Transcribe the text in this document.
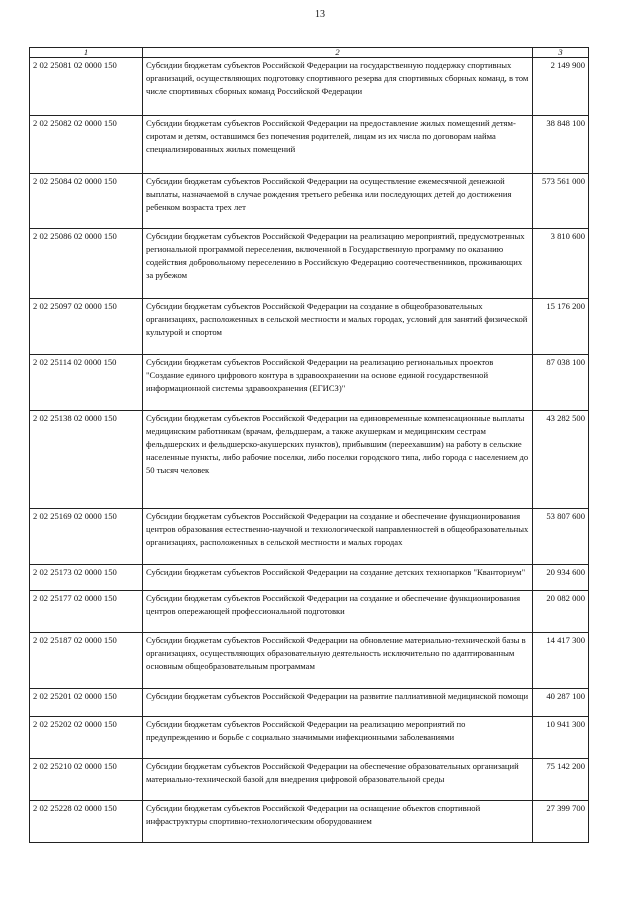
13
1	2	3
2 02 25081 02 0000 150	Субсидии бюджетам субъектов Российской Федерации на государственную поддержку спортивных организаций, осуществляющих подготовку спортивного резерва для спортивных сборных команд, в том числе спортивных сборных команд Российской Федерации	2 149 900
2 02 25082 02 0000 150	Субсидии бюджетам субъектов Российской Федерации на предоставление жилых помещений детям-сиротам и детям, оставшимся без попечения родителей, лицам из их числа по договорам найма специализированных жилых помещений	38 848 100
2 02 25084 02 0000 150	Субсидии бюджетам субъектов Российской Федерации на осуществление ежемесячной денежной выплаты, назначаемой в случае рождения третьего ребенка или последующих детей до достижения ребенком возраста трех лет	573 561 000
2 02 25086 02 0000 150	Субсидии бюджетам субъектов Российской Федерации на реализацию мероприятий, предусмотренных региональной программой переселения, включенной в Государственную программу по оказанию содействия добровольному переселению в Российскую Федерацию соотечественников, проживающих за рубежом	3 810 600
2 02 25097 02 0000 150	Субсидии бюджетам субъектов Российской Федерации на создание в общеобразовательных организациях, расположенных в сельской местности и малых городах, условий для занятий физической культурой и спортом	15 176 200
2 02 25114 02 0000 150	Субсидии бюджетам субъектов Российской Федерации на реализацию региональных проектов "Создание единого цифрового контура в здравоохранении на основе единой государственной информационной системы здравоохранения (ЕГИСЗ)"	87 038 100
2 02 25138 02 0000 150	Субсидии бюджетам субъектов Российской Федерации на единовременные компенсационные выплаты медицинским работникам (врачам, фельдшерам, а также акушеркам и медицинским сестрам фельдшерских и фельдшерско-акушерских пунктов), прибывшим (переехавшим) на работу в сельские населенные пункты, либо рабочие поселки, либо поселки городского типа, либо города с населением до 50 тысяч человек	43 282 500
2 02 25169 02 0000 150	Субсидии бюджетам субъектов Российской Федерации на создание и обеспечение функционирования центров образования естественно-научной и технологической направленностей в общеобразовательных организациях, расположенных в сельской местности и малых городах	53 807 600
2 02 25173 02 0000 150	Субсидии бюджетам субъектов Российской Федерации на создание детских технопарков "Кванториум"	20 934 600
2 02 25177 02 0000 150	Субсидии бюджетам субъектов Российской Федерации на создание и обеспечение функционирования центров опережающей профессиональной подготовки	20 082 000
2 02 25187 02 0000 150	Субсидии бюджетам субъектов Российской Федерации на обновление материально-технической базы в организациях, осуществляющих образовательную деятельность исключительно по адаптированным основным общеобразовательным программам	14 417 300
2 02 25201 02 0000 150	Субсидии бюджетам субъектов Российской Федерации на развитие паллиативной медицинской помощи	40 287 100
2 02 25202 02 0000 150	Субсидии бюджетам субъектов Российской Федерации на реализацию мероприятий по предупреждению и борьбе с социально значимыми инфекционными заболеваниями	10 941 300
2 02 25210 02 0000 150	Субсидии бюджетам субъектов Российской Федерации на обеспечение образовательных организаций материально-технической базой для внедрения цифровой образовательной среды	75 142 200
2 02 25228 02 0000 150	Субсидии бюджетам субъектов Российской Федерации на оснащение объектов спортивной инфраструктуры спортивно-технологическим оборудованием	27 399 700
